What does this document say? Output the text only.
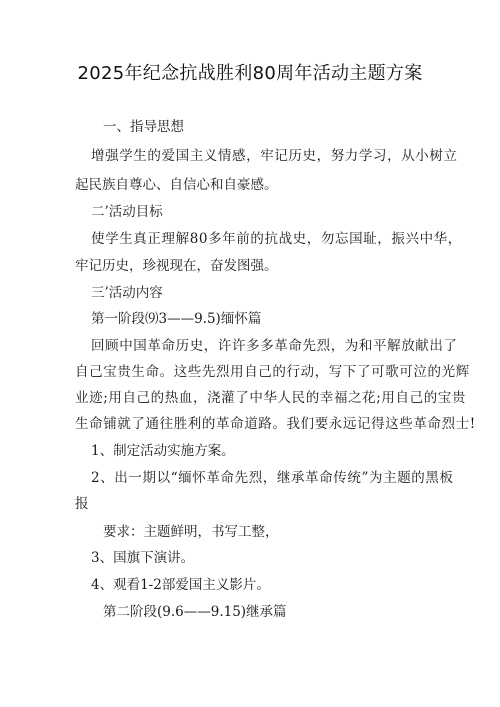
2025年纪念抗战胜利80周年活动主题方案
一、指导思想
增强学生的爱国主义情感，牢记历史，努力学习，从小树立
起民族自尊心、自信心和自豪感。
二’活动目标
使学生真正理解80多年前的抗战史，勿忘国耻，振兴中华，
牢记历史，珍视现在，奋发图强。
三’活动内容
第一阶段⑼3——9.5)缅怀篇
回顾中国革命历史，许许多多革命先烈，为和平解放献出了
自己宝贵生命。这些先烈用自己的行动，写下了可歌可泣的光辉
业迹;用自己的热血，浇灌了中华人民的幸福之花;用自己的宝贵
生命铺就了通往胜利的革命道路。我们要永远记得这些革命烈士!
1、制定活动实施方案。
2、出一期以“缅怀革命先烈，继承革命传统”为主题的黑板
报
要求：主题鲜明，书写工整，
3、国旗下演讲。
4、观看1-2部爱国主义影片。
第二阶段(9.6——9.15)继承篇
